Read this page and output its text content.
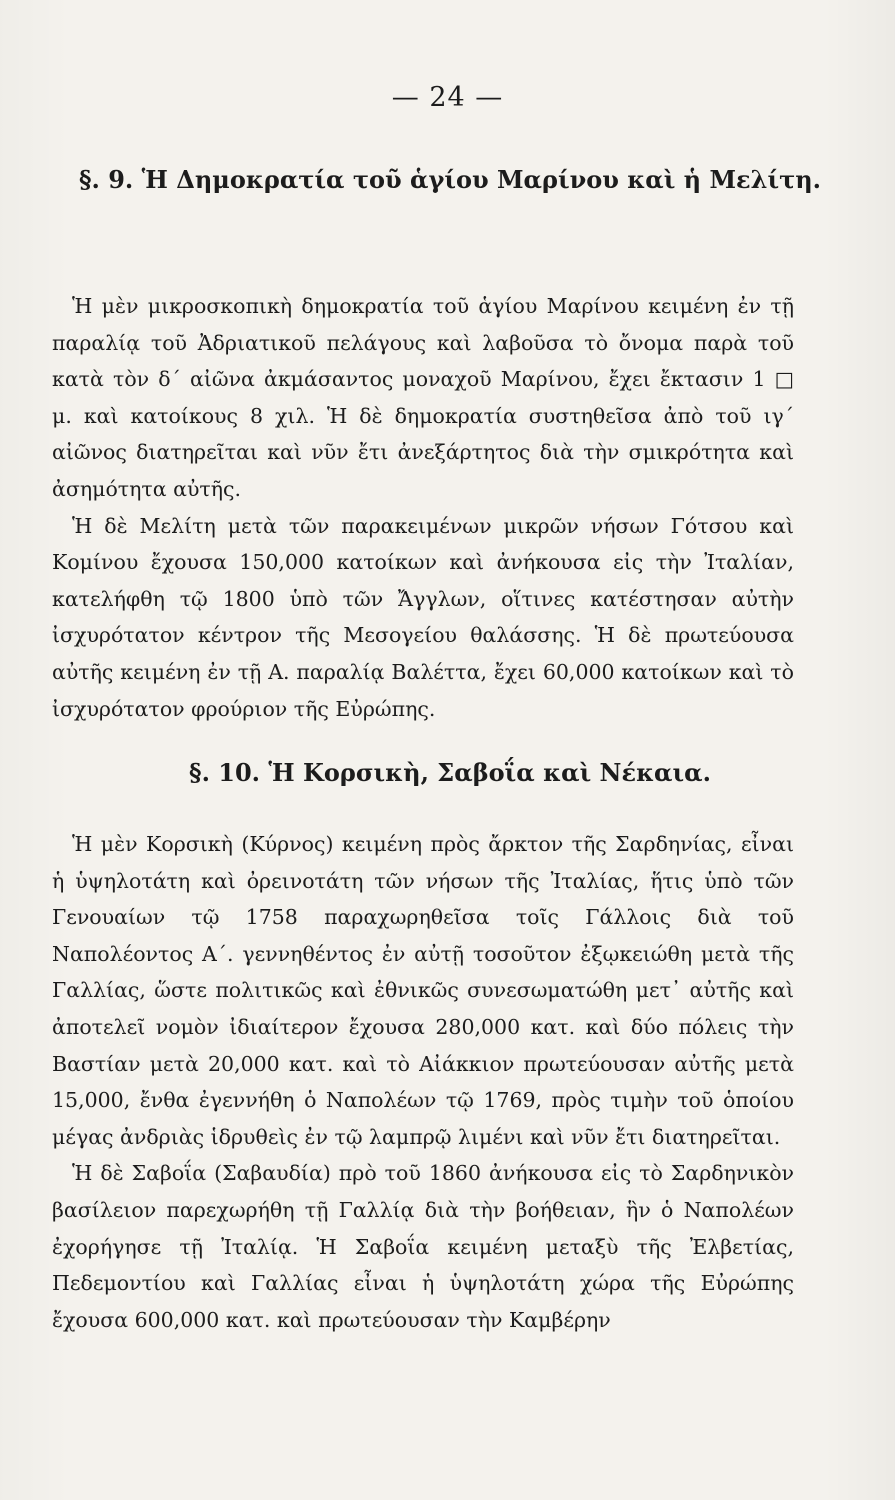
— 24 —
§. 9. Ἡ Δημοκρατία τοῦ ἁγίου Μαρίνου καὶ ἡ Μελίτη.

Ἡ μὲν μικροσκοπικὴ δημοκρατία τοῦ ἁγίου Μαρίνου κειμένη ἐν τῇ παραλίᾳ τοῦ Ἀδριατικοῦ πελάγους καὶ λαβοῦσα τὸ ὄνομα παρὰ τοῦ κατὰ τὸν δ´ αἰῶνα ἀκμάσαντος μοναχοῦ Μαρίνου, ἔχει ἔκτασιν 1 □ μ. καὶ κατοίκους 8 χιλ. Ἡ δὲ δημοκρατία συστηθεῖσα ἀπὸ τοῦ ιγ´ αἰῶνος διατηρεῖται καὶ νῦν ἔτι ἀνεξάρτητος διὰ τὴν σμικρότητα καὶ ἀσημότητα αὐτῆς.

Ἡ δὲ Μελίτη μετὰ τῶν παρακειμένων μικρῶν νήσων Γότσου καὶ Κομίνου ἔχουσα 150,000 κατοίκων καὶ ἀνήκουσα εἰς τὴν Ἰταλίαν, κατελήφθη τῷ 1800 ὑπὸ τῶν Ἄγγλων, οἵτινες κατέστησαν αὐτὴν ἰσχυρότατον κέντρον τῆς Μεσογείου θαλάσσης. Ἡ δὲ πρωτεύουσα αὐτῆς κειμένη ἐν τῇ Α. παραλίᾳ Βαλέττα, ἔχει 60,000 κατοίκων καὶ τὸ ἰσχυρότατον φρούριον τῆς Εὐρώπης.

§. 10. Ἡ Κορσικὴ, Σαβοΐα καὶ Νέκαια.

Ἡ μὲν Κορσικὴ (Κύρνος) κειμένη πρὸς ἄρκτον τῆς Σαρδηνίας, εἶναι ἡ ὑψηλοτάτη καὶ ὀρεινοτάτη τῶν νήσων τῆς Ἰταλίας, ἥτις ὑπὸ τῶν Γενουαίων τῷ 1758 παραχωρηθεῖσα τοῖς Γάλλοις διὰ τοῦ Ναπολέοντος Α´. γεννηθέντος ἐν αὐτῇ τοσοῦτον ἐξῳκειώθη μετὰ τῆς Γαλλίας, ὥστε πολιτικῶς καὶ ἐθνικῶς συνεσωματώθη μετ᾽ αὐτῆς καὶ ἀποτελεῖ νομὸν ἰδιαίτερον ἔχουσα 280,000 κατ. καὶ δύο πόλεις τὴν Βαστίαν μετὰ 20,000 κατ. καὶ τὸ Αἰάκκιον πρωτεύουσαν αὐτῆς μετὰ 15,000, ἔνθα ἐγεννήθη ὁ Ναπολέων τῷ 1769, πρὸς τιμὴν τοῦ ὁποίου μέγας ἀνδριὰς ἱδρυθεὶς ἐν τῷ λαμπρῷ λιμένι καὶ νῦν ἔτι διατηρεῖται.

Ἡ δὲ Σαβοΐα (Σαβαυδία) πρὸ τοῦ 1860 ἀνήκουσα εἰς τὸ Σαρδηνικὸν βασίλειον παρεχωρήθη τῇ Γαλλίᾳ διὰ τὴν βοήθειαν, ἣν ὁ Ναπολέων ἐχορήγησε τῇ Ἰταλίᾳ. Ἡ Σαβοΐα κειμένη μεταξὺ τῆς Ἐλβετίας, Πεδεμοντίου καὶ Γαλλίας εἶναι ἡ ὑψηλοτάτη χώρα τῆς Εὐρώπης ἔχουσα 600,000 κατ. καὶ πρωτεύουσαν τὴν Καμβέρην
